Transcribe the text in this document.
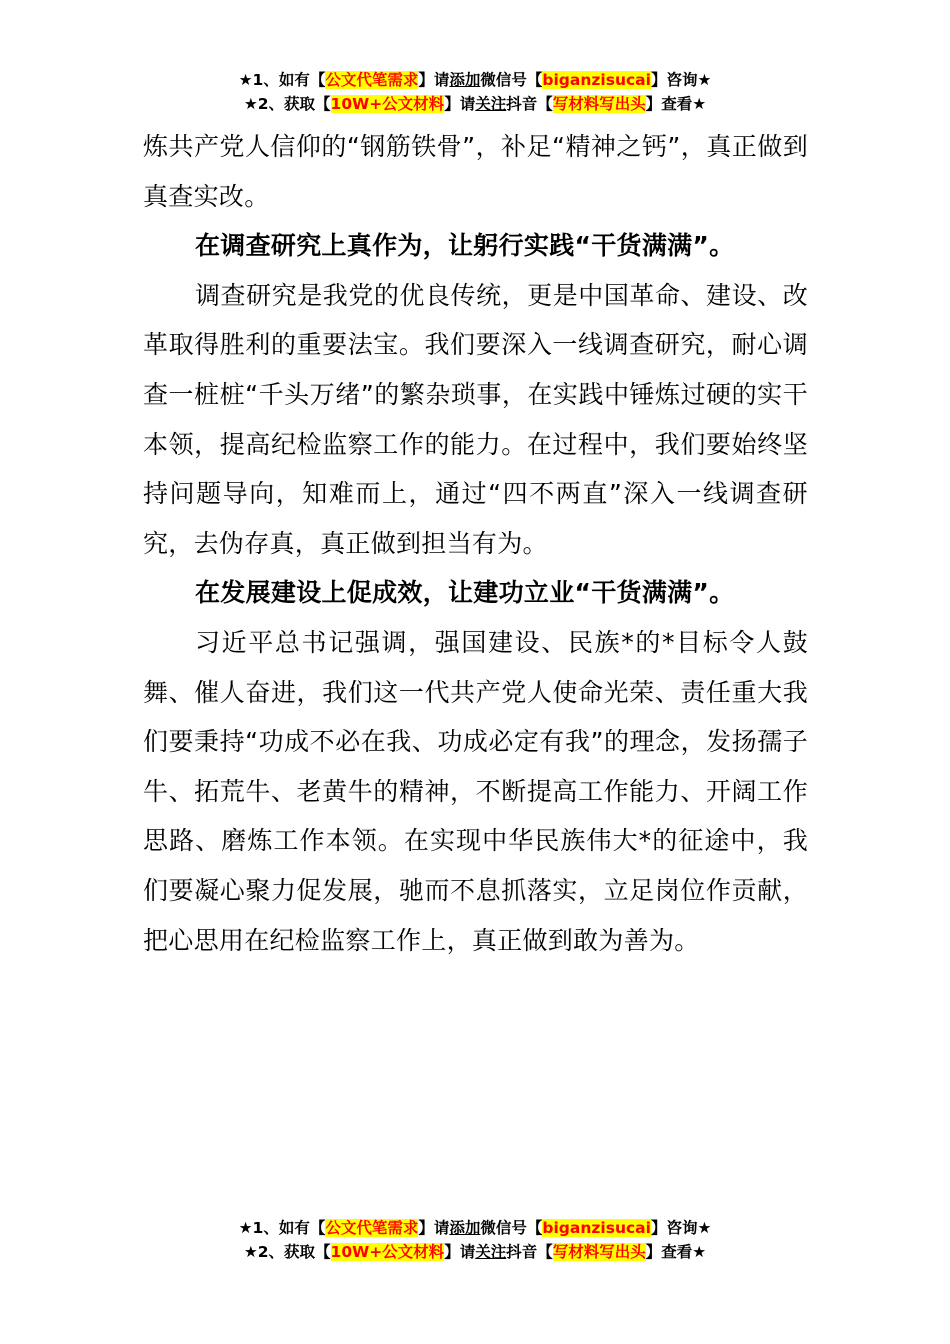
★1、如有【公文代笔需求】请添加微信号【biganzisucai】咨询★
★2、获取【10W+公文材料】请关注抖音【写材料写出头】查看★

炼共产党人信仰的“钢筋铁骨”，补足“精神之钙”，真正做到真查实改。

在调查研究上真作为，让躬行实践“干货满满”。

调查研究是我党的优良传统，更是中国革命、建设、改革取得胜利的重要法宝。我们要深入一线调查研究，耐心调查一桩桩“千头万绪”的繁杂琐事，在实践中锤炼过硬的实干本领，提高纪检监察工作的能力。在过程中，我们要始终坚持问题导向，知难而上，通过“四不两直”深入一线调查研究，去伪存真，真正做到担当有为。

在发展建设上促成效，让建功立业“干货满满”。

习近平总书记强调，强国建设、民族*的*目标令人鼓舞、催人奋进，我们这一代共产党人使命光荣、责任重大我们要秉持“功成不必在我、功成必定有我”的理念，发扬孺子牛、拓荒牛、老黄牛的精神，不断提高工作能力、开阔工作思路、磨炼工作本领。在实现中华民族伟大*的征途中，我们要凝心聚力促发展，驰而不息抓落实，立足岗位作贡献，把心思用在纪检监察工作上，真正做到敢为善为。

★1、如有【公文代笔需求】请添加微信号【biganzisucai】咨询★
★2、获取【10W+公文材料】请关注抖音【写材料写出头】查看★
